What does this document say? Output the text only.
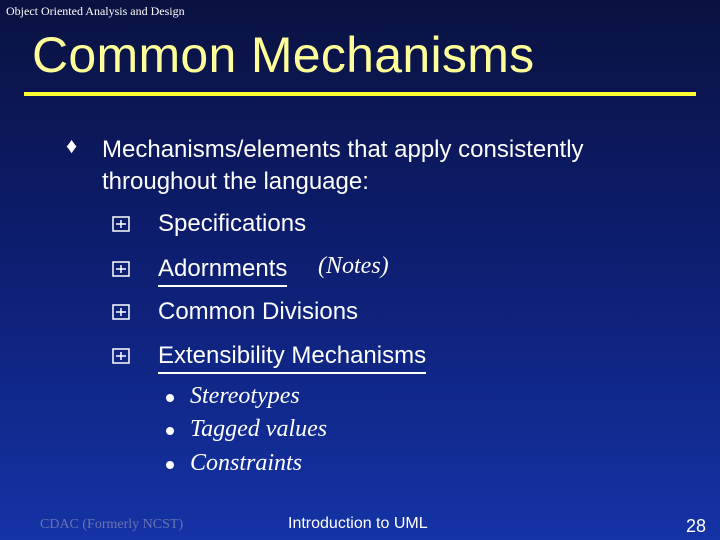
Object Oriented Analysis and Design
Common Mechanisms
♦ Mechanisms/elements that apply consistently throughout the language:
Specifications
Adornments (Notes)
Common Divisions
Extensibility Mechanisms
Stereotypes
Tagged values
Constraints
CDAC (Formerly NCST)	Introduction to UML	28
